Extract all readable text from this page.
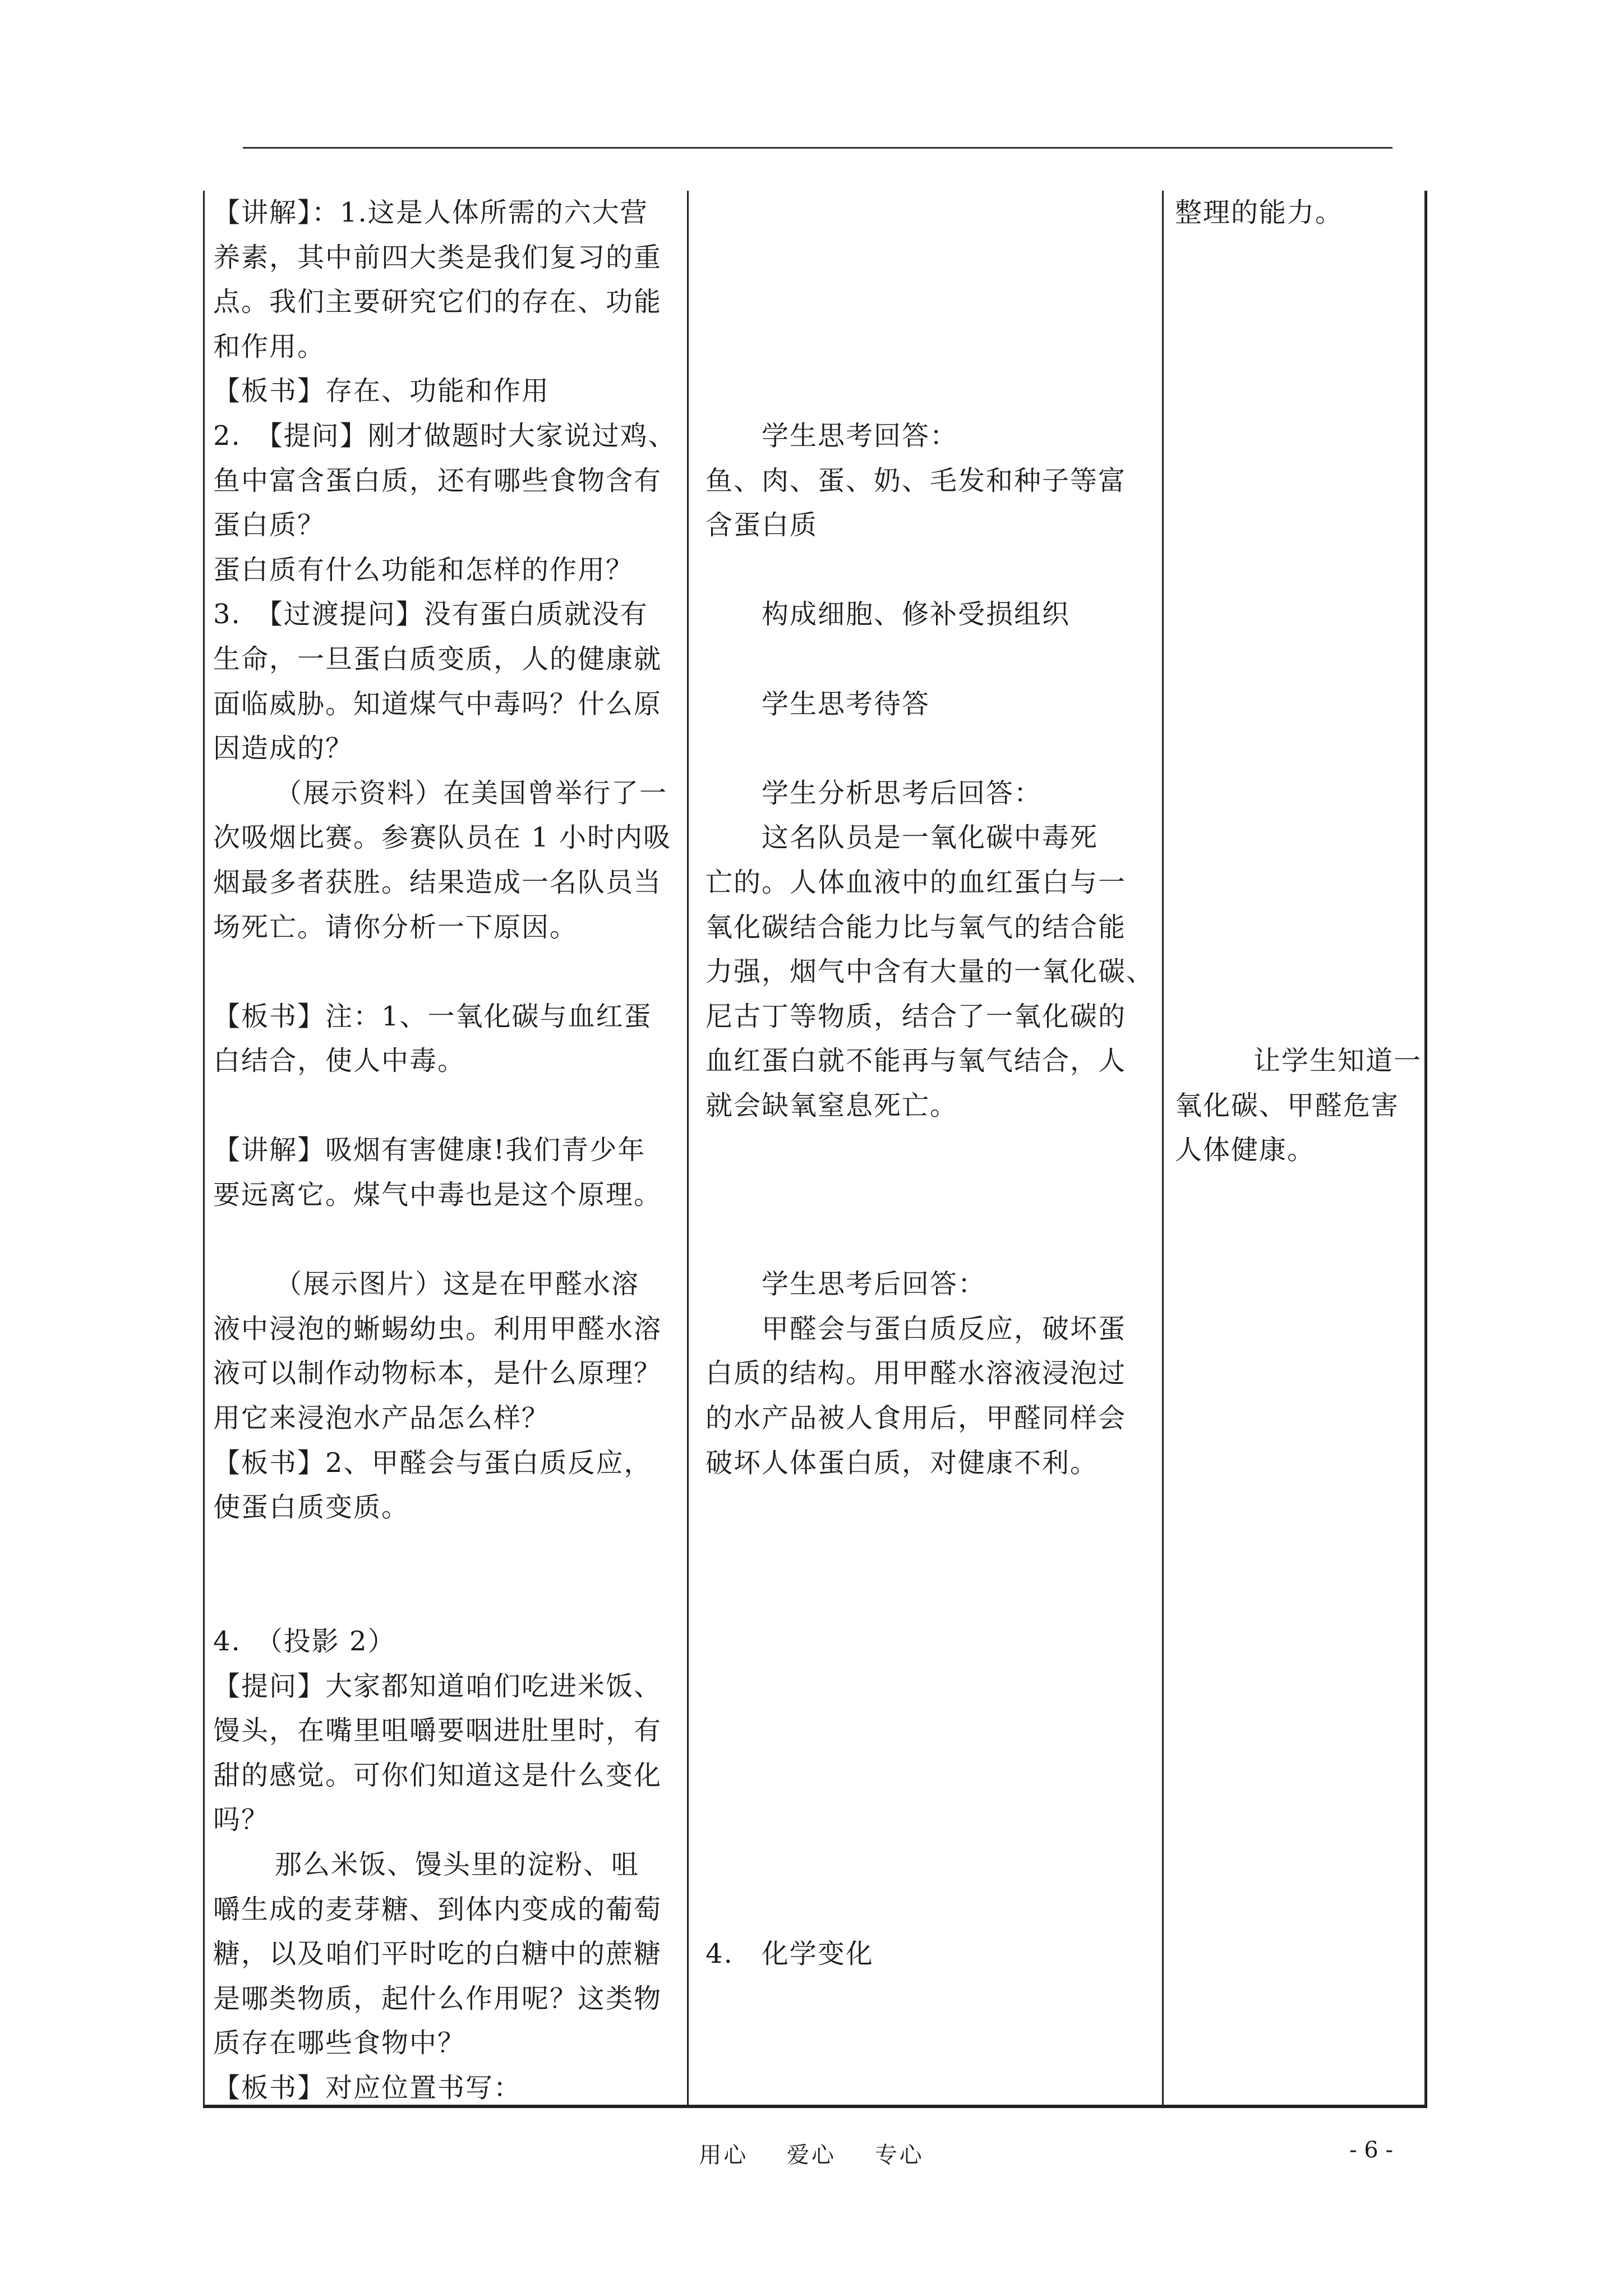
【讲解】：1.这是人体所需的六大营
养素，其中前四大类是我们复习的重
点。我们主要研究它们的存在、功能
和作用。
【板书】存在、功能和作用
2.　【提问】刚才做题时大家说过鸡、
鱼中富含蛋白质，还有哪些食物含有
蛋白质？
蛋白质有什么功能和怎样的作用？
3.　【过渡提问】没有蛋白质就没有
生命，一旦蛋白质变质，人的健康就
面临威胁。知道煤气中毒吗？什么原
因造成的？
（展示资料）在美国曾举行了一
次吸烟比赛。参赛队员在 1 小时内吸
烟最多者获胜。结果造成一名队员当
场死亡。请你分析一下原因。
【板书】注：1、一氧化碳与血红蛋
白结合，使人中毒。
【讲解】吸烟有害健康!我们青少年
要远离它。煤气中毒也是这个原理。
（展示图片）这是在甲醛水溶
液中浸泡的蜥蜴幼虫。利用甲醛水溶
液可以制作动物标本，是什么原理？
用它来浸泡水产品怎么样？
【板书】2、甲醛会与蛋白质反应，
使蛋白质变质。
4.　（投影 2）
【提问】大家都知道咱们吃进米饭、
馒头，在嘴里咀嚼要咽进肚里时，有
甜的感觉。可你们知道这是什么变化
吗？
那么米饭、馒头里的淀粉、咀
嚼生成的麦芽糖、到体内变成的葡萄
糖，以及咱们平时吃的白糖中的蔗糖
是哪类物质，起什么作用呢？这类物
质存在哪些食物中？
【板书】对应位置书写：
学生思考回答：
鱼、肉、蛋、奶、毛发和种子等富
含蛋白质
构成细胞、修补受损组织
学生思考待答
学生分析思考后回答：
这名队员是一氧化碳中毒死
亡的。人体血液中的血红蛋白与一
氧化碳结合能力比与氧气的结合能
力强，烟气中含有大量的一氧化碳、
尼古丁等物质，结合了一氧化碳的
血红蛋白就不能再与氧气结合，人
就会缺氧窒息死亡。
学生思考后回答：
甲醛会与蛋白质反应，破坏蛋
白质的结构。用甲醛水溶液浸泡过
的水产品被人食用后，甲醛同样会
破坏人体蛋白质，对健康不利。
4.　化学变化
整理的能力。
让学生知道一
氧化碳、甲醛危害
人体健康。
用心 爱心 专心	- 6 -
